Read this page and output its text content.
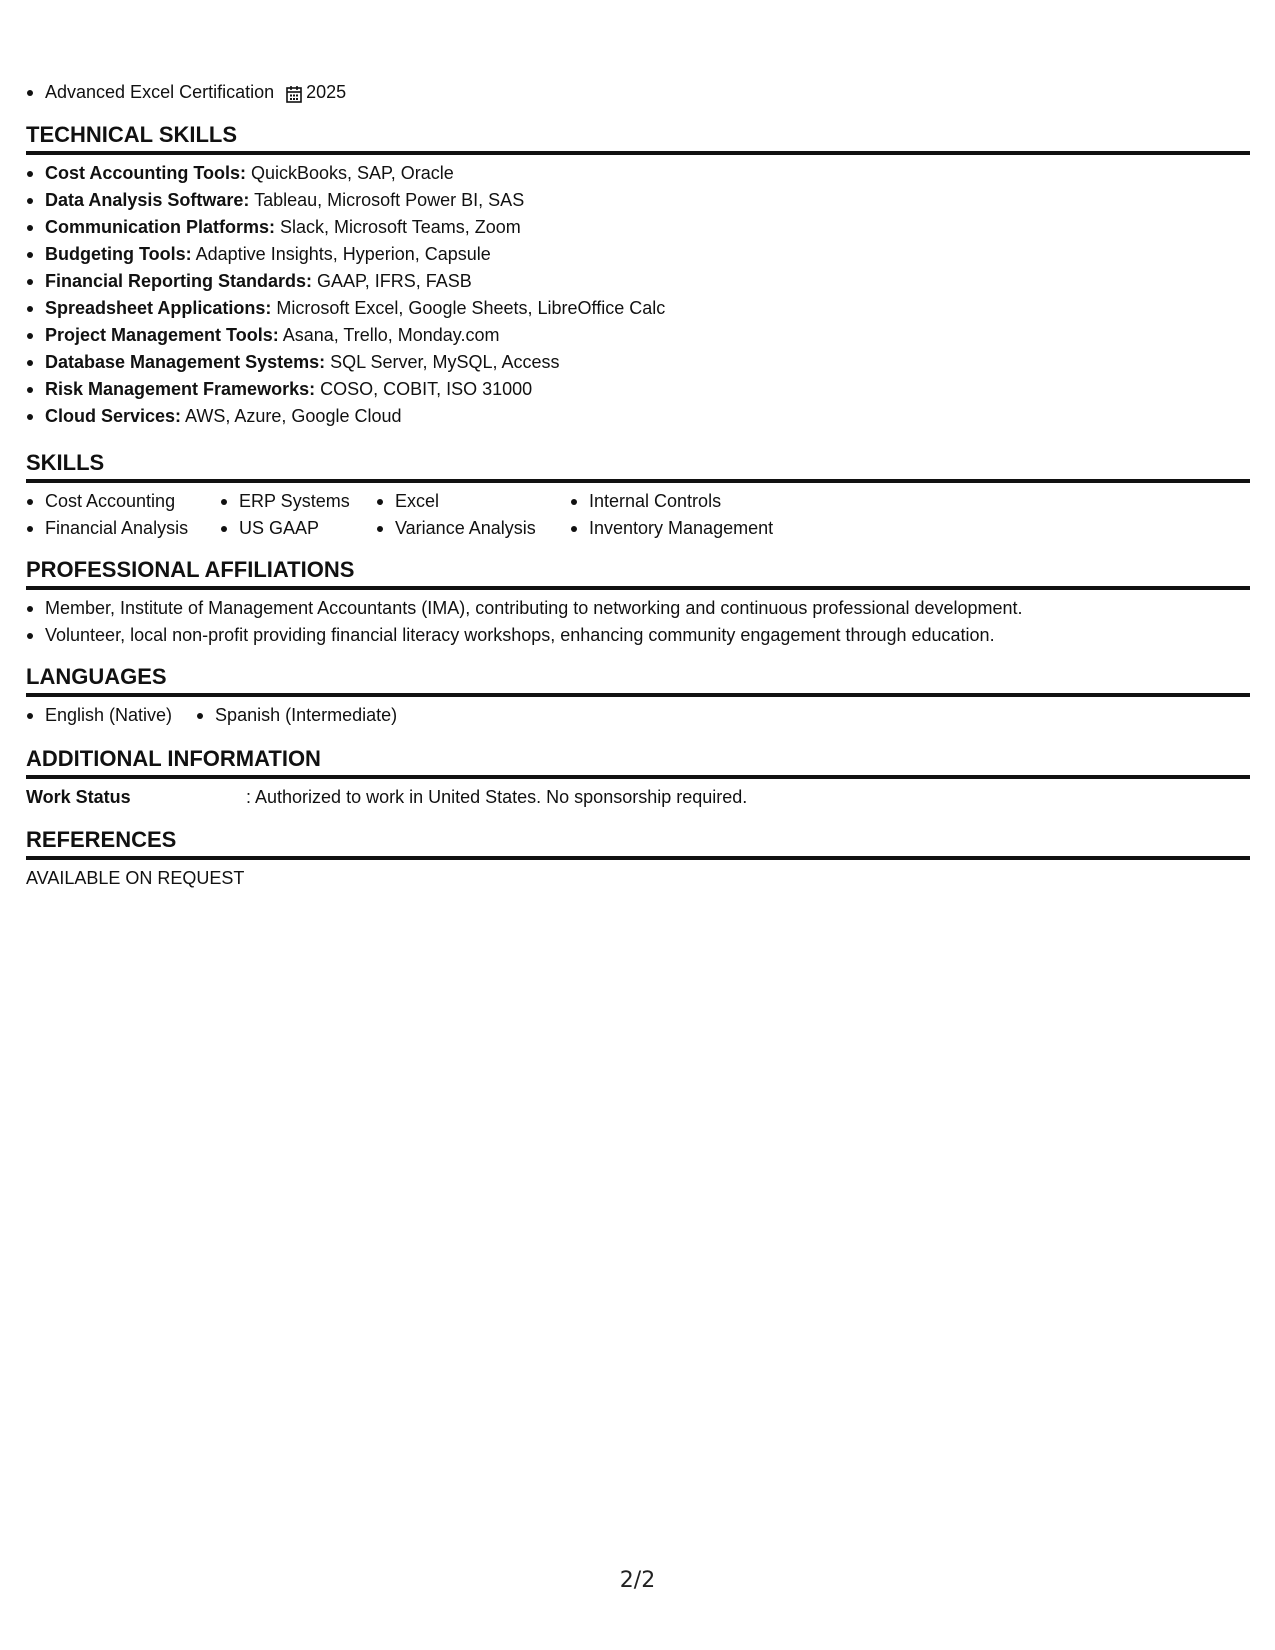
Advanced Excel Certification 2025
TECHNICAL SKILLS
Cost Accounting Tools: QuickBooks, SAP, Oracle
Data Analysis Software: Tableau, Microsoft Power BI, SAS
Communication Platforms: Slack, Microsoft Teams, Zoom
Budgeting Tools: Adaptive Insights, Hyperion, Capsule
Financial Reporting Standards: GAAP, IFRS, FASB
Spreadsheet Applications: Microsoft Excel, Google Sheets, LibreOffice Calc
Project Management Tools: Asana, Trello, Monday.com
Database Management Systems: SQL Server, MySQL, Access
Risk Management Frameworks: COSO, COBIT, ISO 31000
Cloud Services: AWS, Azure, Google Cloud
SKILLS
Cost Accounting
Financial Analysis
ERP Systems
US GAAP
Excel
Variance Analysis
Internal Controls
Inventory Management
PROFESSIONAL AFFILIATIONS
Member, Institute of Management Accountants (IMA), contributing to networking and continuous professional development.
Volunteer, local non-profit providing financial literacy workshops, enhancing community engagement through education.
LANGUAGES
English (Native)	Spanish (Intermediate)
ADDITIONAL INFORMATION
Work Status	: Authorized to work in United States. No sponsorship required.
REFERENCES
AVAILABLE ON REQUEST
2/2
